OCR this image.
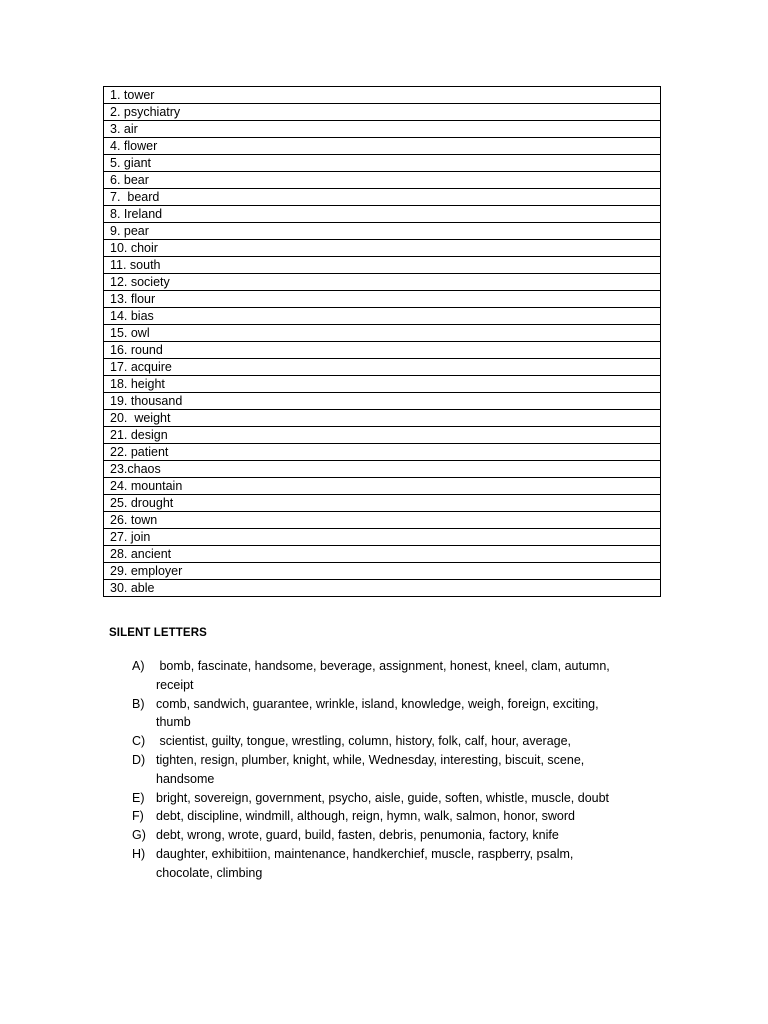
1. tower
2. psychiatry
3. air
4. flower
5. giant
6. bear
7.  beard
8. Ireland
9. pear
10. choir
11. south
12. society
13. flour
14. bias
15. owl
16. round
17. acquire
18. height
19. thousand
20.  weight
21. design
22. patient
23.chaos
24. mountain
25. drought
26. town
27. join
28. ancient
29. employer
30. able
SILENT LETTERS
A) bomb, fascinate, handsome, beverage, assignment, honest, kneel, clam, autumn, receipt
B) comb, sandwich, guarantee, wrinkle, island, knowledge, weigh, foreign, exciting, thumb
C) scientist, guilty, tongue, wrestling, column, history, folk, calf, hour, average,
D) tighten, resign, plumber, knight, while, Wednesday, interesting, biscuit, scene, handsome
E) bright, sovereign, government, psycho, aisle, guide, soften, whistle, muscle, doubt
F) debt, discipline, windmill, although, reign, hymn, walk, salmon, honor, sword
G) debt, wrong, wrote, guard, build, fasten, debris, penumonia, factory, knife
H) daughter, exhibitiion, maintenance, handkerchief, muscle, raspberry, psalm, chocolate, climbing
